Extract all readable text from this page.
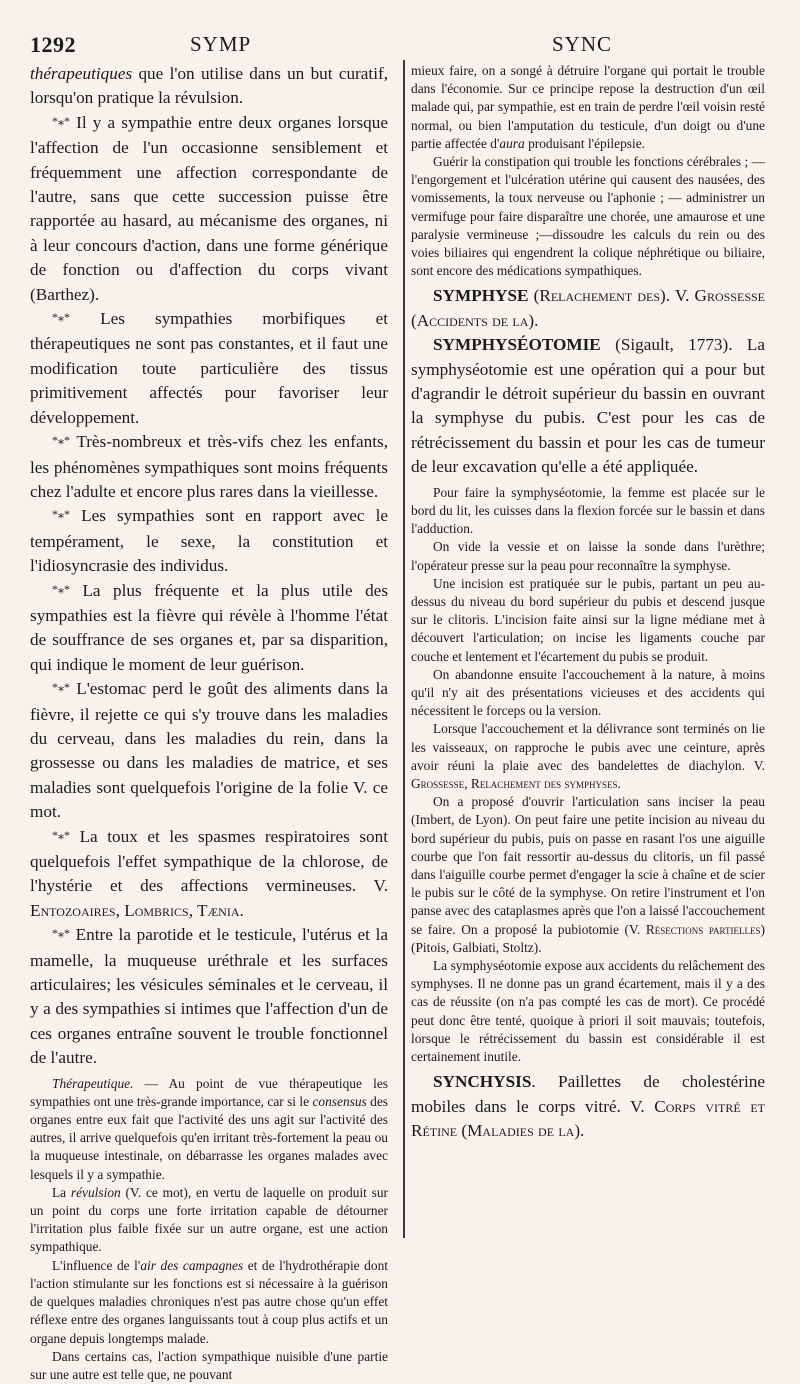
1292	SYMP	SYNC

thérapeutiques que l'on utilise dans un but curatif, lorsqu'on pratique la révulsion.

*⁎* Il y a sympathie entre deux organes lorsque l'affection de l'un occasionne sensiblement et fréquemment une affection correspondante de l'autre, sans que cette succession puisse être rapportée au hasard, au mécanisme des organes, ni à leur concours d'action, dans une forme générique de fonction ou d'affection du corps vivant (Barthez).

*⁎* Les sympathies morbifiques et thérapeutiques ne sont pas constantes, et il faut une modification toute particulière des tissus primitivement affectés pour favoriser leur développement.

*⁎* Très-nombreux et très-vifs chez les enfants, les phénomènes sympathiques sont moins fréquents chez l'adulte et encore plus rares dans la vieillesse.

*⁎* Les sympathies sont en rapport avec le tempérament, le sexe, la constitution et l'idiosyncrasie des individus.

*⁎* La plus fréquente et la plus utile des sympathies est la fièvre qui révèle à l'homme l'état de souffrance de ses organes et, par sa disparition, qui indique le moment de leur guérison.

*⁎* L'estomac perd le goût des aliments dans la fièvre, il rejette ce qui s'y trouve dans les maladies du cerveau, dans les maladies du rein, dans la grossesse ou dans les maladies de matrice, et ses maladies sont quelquefois l'origine de la folie V. ce mot.

*⁎* La toux et les spasmes respiratoires sont quelquefois l'effet sympathique de la chlorose, de l'hystérie et des affections vermineuses. V. Entozoaires, Lombrics, Tænia.

*⁎* Entre la parotide et le testicule, l'utérus et la mamelle, la muqueuse uréthrale et les surfaces articulaires; les vésicules séminales et le cerveau, il y a des sympathies si intimes que l'affection d'un de ces organes entraîne souvent le trouble fonctionnel de l'autre.

Thérapeutique. — Au point de vue thérapeutique les sympathies ont une très-grande importance, car si le consensus des organes entre eux fait que l'activité des uns agit sur l'activité des autres, il arrive quelquefois qu'en irritant très-fortement la peau ou la muqueuse intestinale, on débarrasse les organes malades avec lesquels il y a sympathie.

La révulsion (V. ce mot), en vertu de laquelle on produit sur un point du corps une forte irritation capable de détourner l'irritation plus faible fixée sur un autre organe, est une action sympathique.

L'influence de l'air des campagnes et de l'hydrothérapie dont l'action stimulante sur les fonctions est si nécessaire à la guérison de quelques maladies chroniques n'est pas autre chose qu'un effet réflexe entre des organes languissants tout à coup plus actifs et un organe depuis longtemps malade.

Dans certains cas, l'action sympathique nuisible d'une partie sur une autre est telle que, ne pouvant

mieux faire, on a songé à détruire l'organe qui portait le trouble dans l'économie. Sur ce principe repose la destruction d'un œil malade qui, par sympathie, est en train de perdre l'œil voisin resté normal, ou bien l'amputation du testicule, d'un doigt ou d'une partie affectée d'aura produisant l'épilepsie.

Guérir la constipation qui trouble les fonctions cérébrales ; — l'engorgement et l'ulcération utérine qui causent des nausées, des vomissements, la toux nerveuse ou l'aphonie ; — administrer un vermifuge pour faire disparaître une chorée, une amaurose et une paralysie vermineuse ;—dissoudre les calculs du rein ou des voies biliaires qui engendrent la colique néphrétique ou biliaire, sont encore des médications sympathiques.

SYMPHYSE (Relachement des). V. Grossesse (Accidents de la).

SYMPHYSÉOTOMIE (Sigault, 1773). La symphyséotomie est une opération qui a pour but d'agrandir le détroit supérieur du bassin en ouvrant la symphyse du pubis. C'est pour les cas de rétrécissement du bassin et pour les cas de tumeur de leur excavation qu'elle a été appliquée.

Pour faire la symphyséotomie, la femme est placée sur le bord du lit, les cuisses dans la flexion forcée sur le bassin et dans l'adduction.

On vide la vessie et on laisse la sonde dans l'urèthre; l'opérateur presse sur la peau pour reconnaître la symphyse.

Une incision est pratiquée sur le pubis, partant un peu au-dessus du niveau du bord supérieur du pubis et descend jusque sur le clitoris. L'incision faite ainsi sur la ligne médiane met à découvert l'articulation; on incise les ligaments couche par couche et lentement et l'écartement du pubis se produit.

On abandonne ensuite l'accouchement à la nature, à moins qu'il n'y ait des présentations vicieuses et des accidents qui nécessitent le forceps ou la version.

Lorsque l'accouchement et la délivrance sont terminés on lie les vaisseaux, on rapproche le pubis avec une ceinture, après avoir réuni la plaie avec des bandelettes de diachylon. V. Grossesse, Relachement des symphyses.

On a proposé d'ouvrir l'articulation sans inciser la peau (Imbert, de Lyon). On peut faire une petite incision au niveau du bord supérieur du pubis, puis on passe en rasant l'os une aiguille courbe que l'on fait ressortir au-dessus du clitoris, un fil passé dans l'aiguille courbe permet d'engager la scie à chaîne et de scier le pubis sur le côté de la symphyse. On retire l'instrument et l'on panse avec des cataplasmes après que l'on a laissé l'accouchement se faire. On a proposé la pubiotomie (V. Résections partielles) (Pitois, Galbiati, Stoltz).

La symphyséotomie expose aux accidents du relâchement des symphyses. Il ne donne pas un grand écartement, mais il y a des cas de réussite (on n'a pas compté les cas de mort). Ce procédé peut donc être tenté, quoique à priori il soit mauvais; toutefois, lorsque le rétrécissement du bassin est considérable il est certainement inutile.

SYNCHYSIS. Paillettes de cholestérine mobiles dans le corps vitré. V. Corps vitré et Rétine (Maladies de la).
